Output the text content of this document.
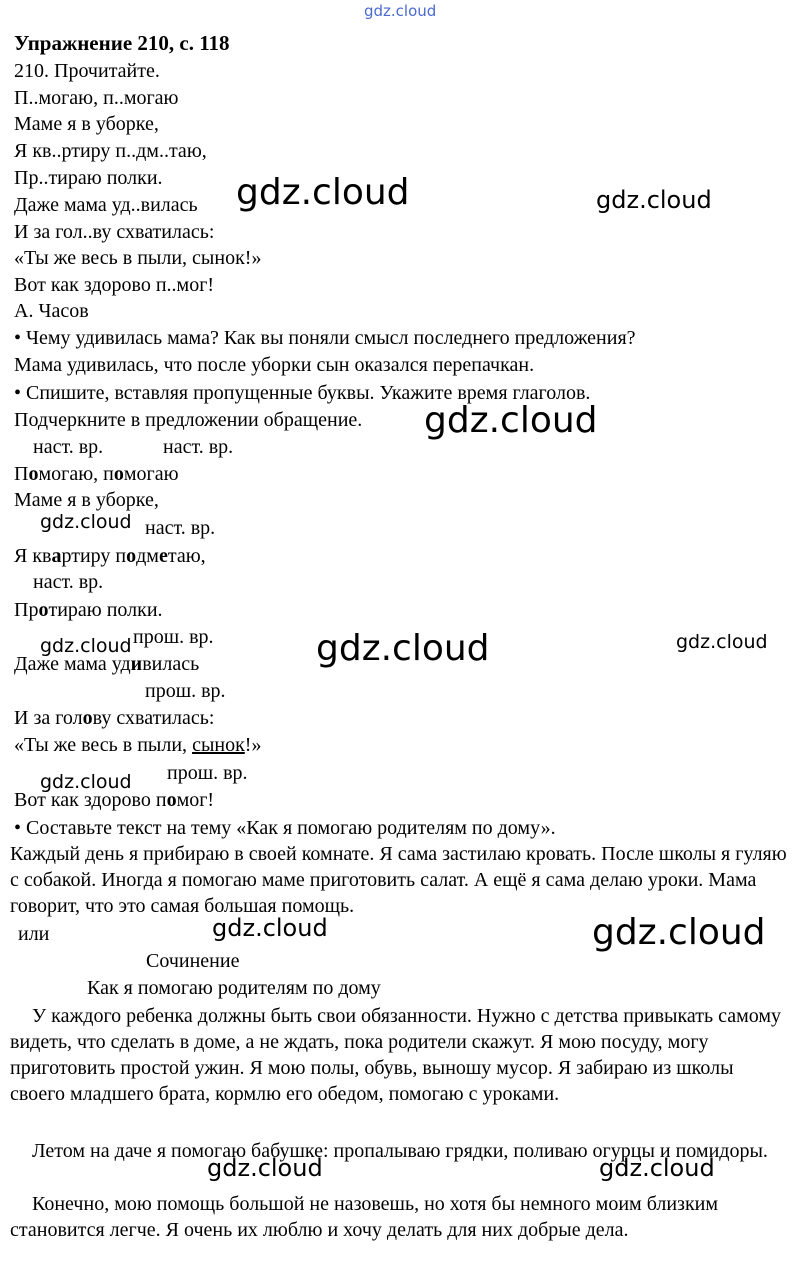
gdz.cloud
Упражнение 210, с. 118
210. Прочитайте.
П..могаю, п..могаю
Маме я в уборке,
Я кв..ртиру п..дм..таю,
Пр..тираю полки.
Даже мама уд..вилась
И за гол..ву схватилась:
«Ты же весь в пыли, сынок!»
Вот как здорово п..мог!
А. Часов
• Чему удивилась мама? Как вы поняли смысл последнего предложения?
Мама удивилась, что после уборки сын оказался перепачкан.
• Спишите, вставляя пропущенные буквы. Укажите время глаголов.
Подчеркните в предложении обращение.
наст. вр.	наст. вр.
Помогаю, помогаю
Маме я в уборке,
наст. вр.
Я квартиру подметаю,
наст. вр.
Протираю полки.
прош. вр.
Даже мама удивилась
прош. вр.
И за голову схватилась:
«Ты же весь в пыли, сынок!»
прош. вр.
Вот как здорово помог!
• Составьте текст на тему «Как я помогаю родителям по дому».
Каждый день я прибираю в своей комнате. Я сама застилаю кровать. После школы я гуляю с собакой. Иногда я помогаю маме приготовить салат. А ещё я сама делаю уроки. Мама говорит, что это самая большая помощь.
или
Сочинение
Как я помогаю родителям по дому
У каждого ребенка должны быть свои обязанности. Нужно с детства привыкать самому видеть, что сделать в доме, а не ждать, пока родители скажут. Я мою посуду, могу приготовить простой ужин. Я мою полы, обувь, выношу мусор. Я забираю из школы своего младшего брата, кормлю его обедом, помогаю с уроками.
Летом на даче я помогаю бабушке: пропалываю грядки, поливаю огурцы и помидоры.
Конечно, мою помощь большой не назовешь, но хотя бы немного моим близким становится легче. Я очень их люблю и хочу делать для них добрые дела.
gdz.cloud	gdz.cloud
gdz.cloud
gdz.cloud
gdz.cloud	gdz.cloud	gdz.cloud
gdz.cloud
gdz.cloud	gdz.cloud
gdz.cloud	gdz.cloud
